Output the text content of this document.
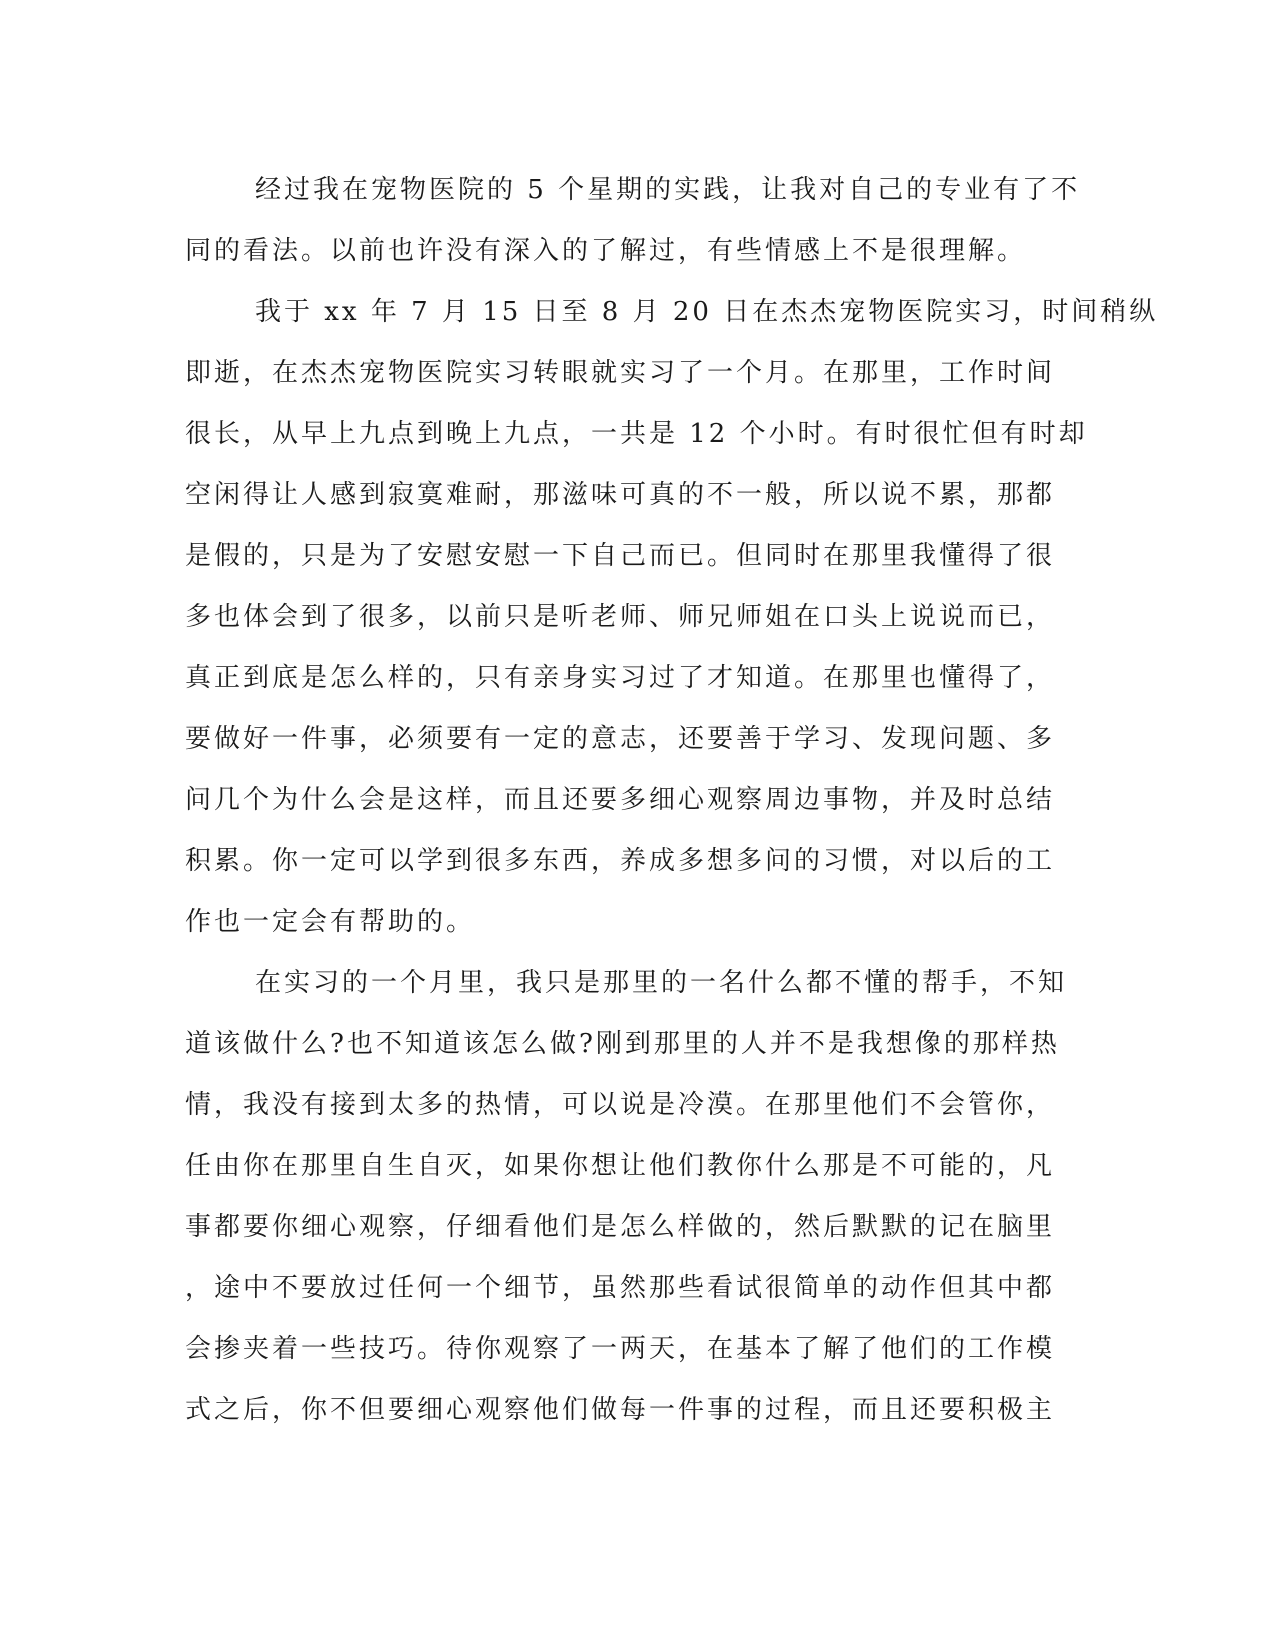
经过我在宠物医院的 5 个星期的实践，让我对自己的专业有了不
同的看法。以前也许没有深入的了解过，有些情感上不是很理解。
我于 xx 年 7 月 15 日至 8 月 20 日在杰杰宠物医院实习，时间稍纵
即逝，在杰杰宠物医院实习转眼就实习了一个月。在那里，工作时间
很长，从早上九点到晚上九点，一共是 12 个小时。有时很忙但有时却
空闲得让人感到寂寞难耐，那滋味可真的不一般，所以说不累，那都
是假的，只是为了安慰安慰一下自己而已。但同时在那里我懂得了很
多也体会到了很多，以前只是听老师、师兄师姐在口头上说说而已，
真正到底是怎么样的，只有亲身实习过了才知道。在那里也懂得了，
要做好一件事，必须要有一定的意志，还要善于学习、发现问题、多
问几个为什么会是这样，而且还要多细心观察周边事物，并及时总结
积累。你一定可以学到很多东西，养成多想多问的习惯，对以后的工
作也一定会有帮助的。
在实习的一个月里，我只是那里的一名什么都不懂的帮手，不知
道该做什么?也不知道该怎么做?刚到那里的人并不是我想像的那样热
情，我没有接到太多的热情，可以说是冷漠。在那里他们不会管你，
任由你在那里自生自灭，如果你想让他们教你什么那是不可能的，凡
事都要你细心观察，仔细看他们是怎么样做的，然后默默的记在脑里
，途中不要放过任何一个细节，虽然那些看试很简单的动作但其中都
会掺夹着一些技巧。待你观察了一两天，在基本了解了他们的工作模
式之后，你不但要细心观察他们做每一件事的过程，而且还要积极主
